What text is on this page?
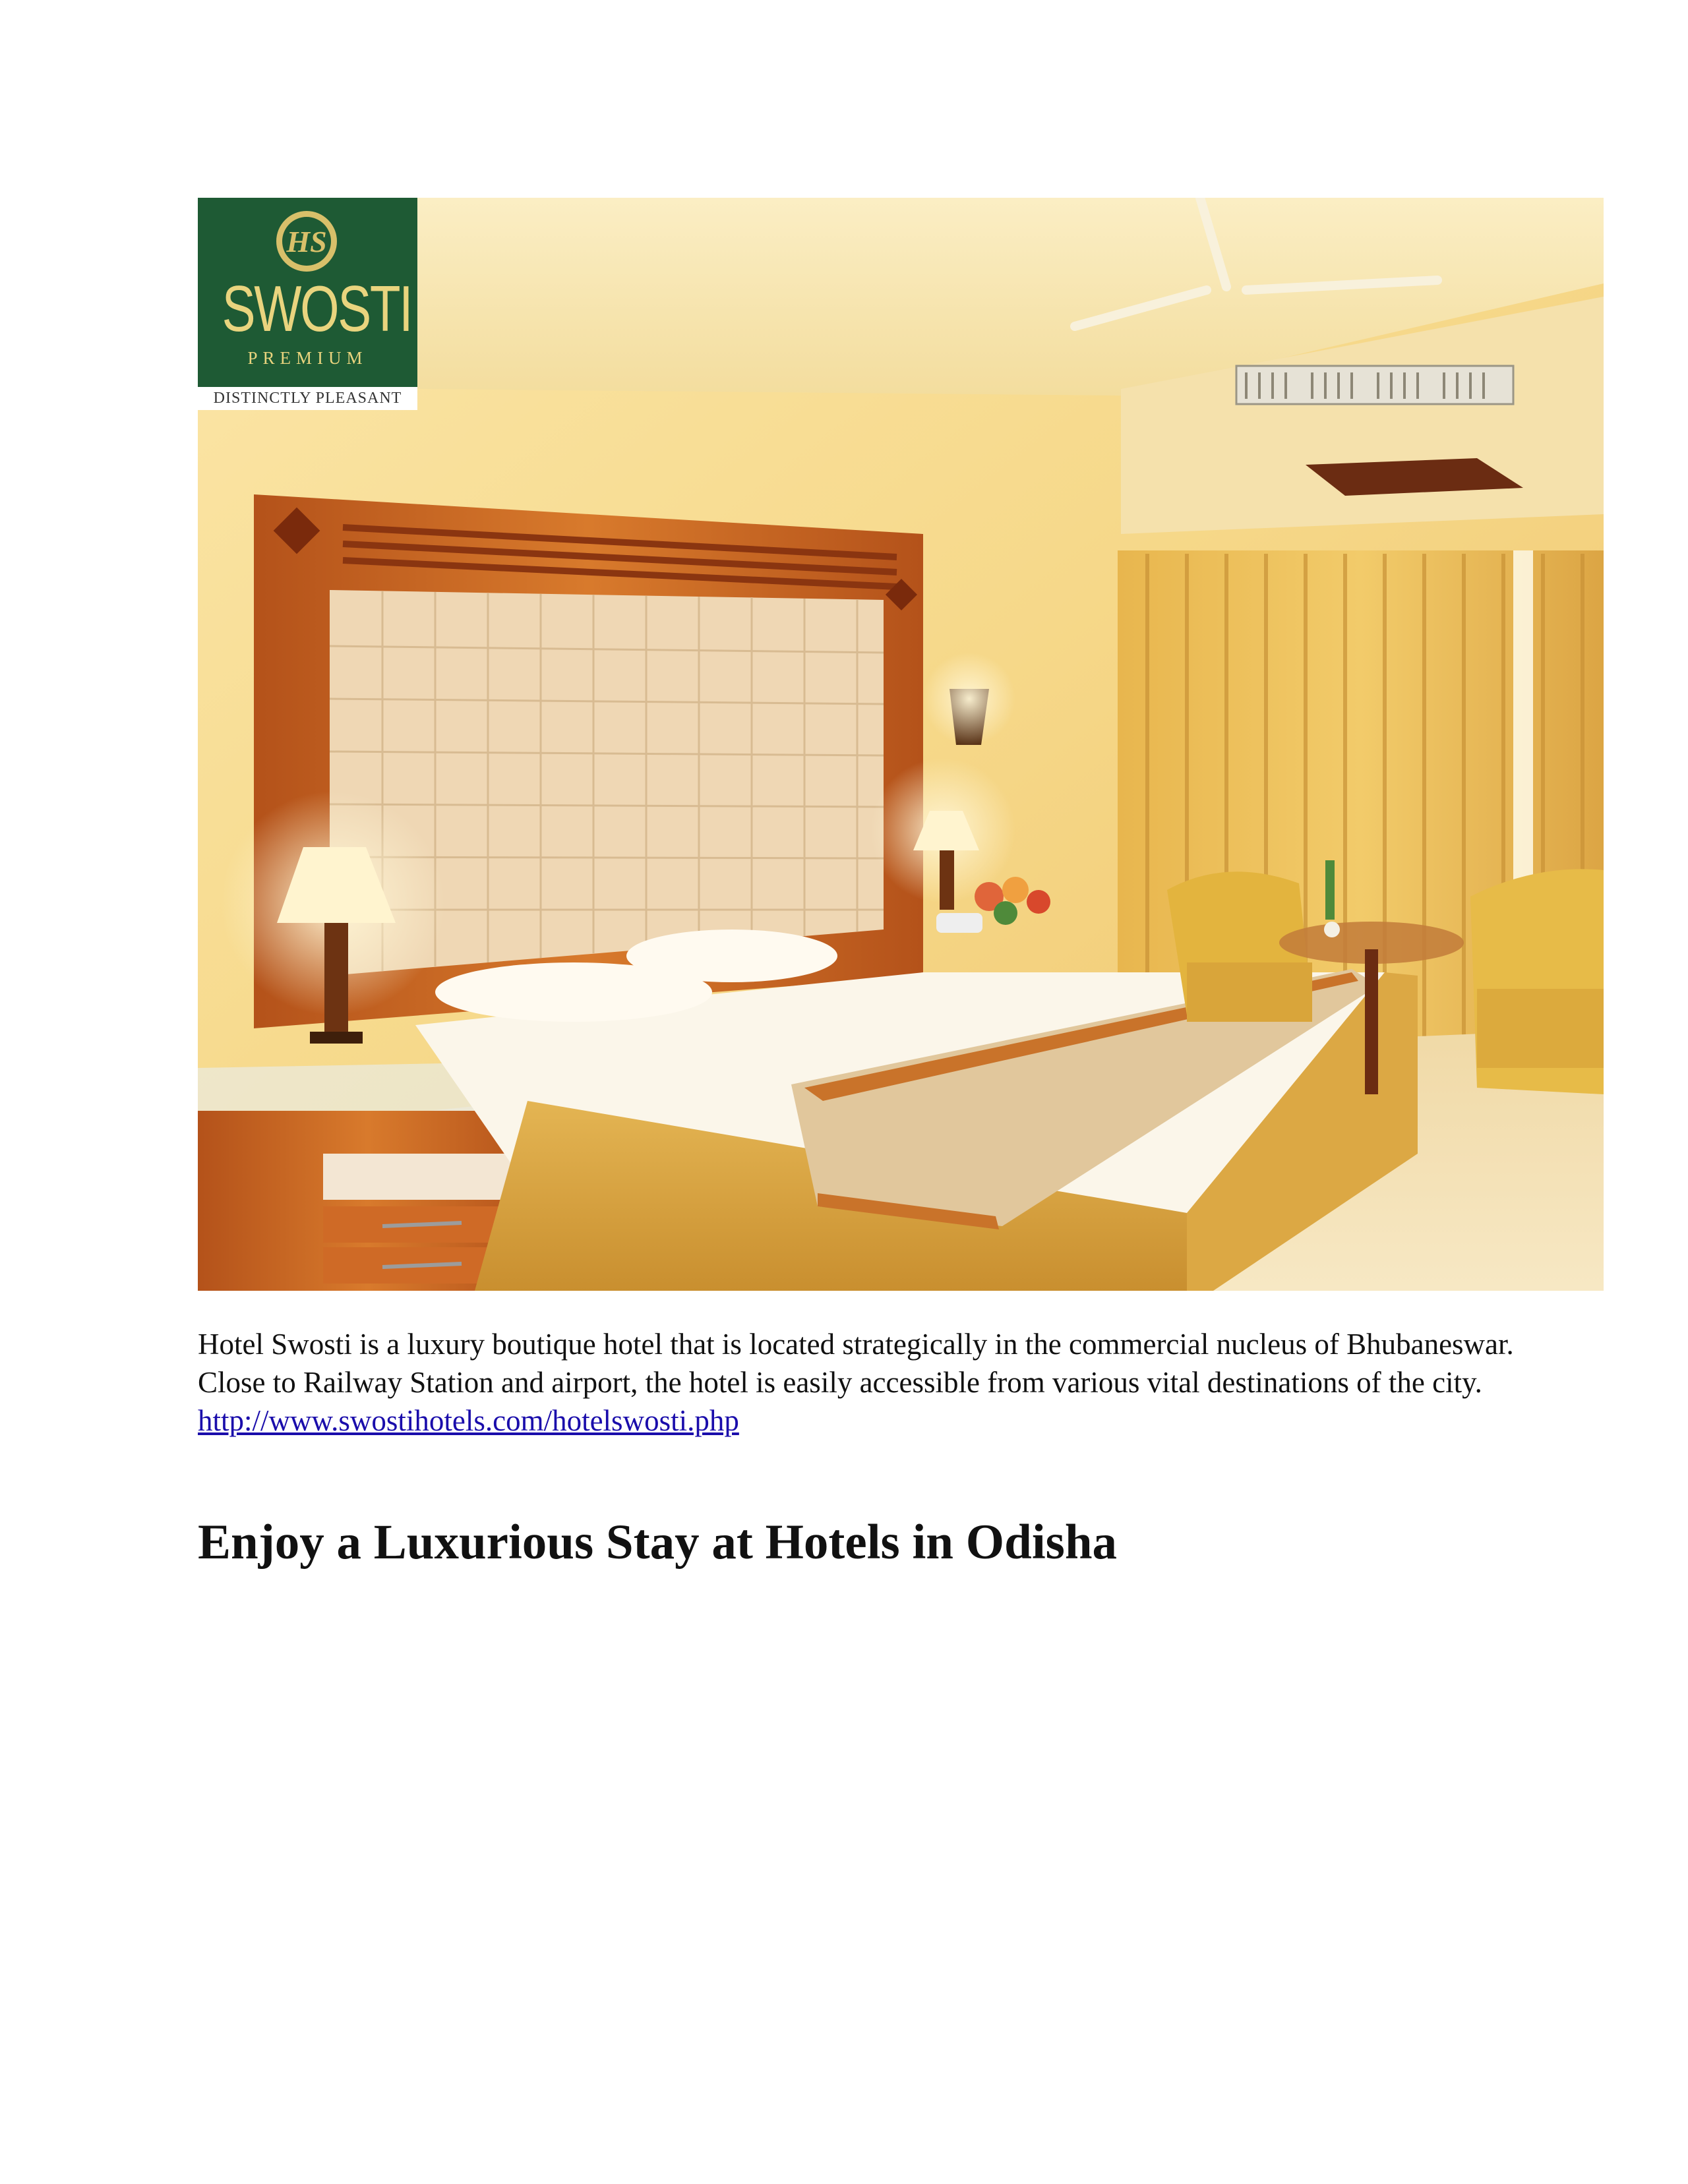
HS
SWOSTI
PREMIUM
DISTINCTLY PLEASANT

Hotel Swosti is a luxury boutique hotel that is located strategically in the commercial nucleus of Bhubaneswar. Close to Railway Station and airport, the hotel is easily accessible from various vital destinations of the city.

http://www.swostihotels.com/hotelswosti.php
Enjoy a Luxurious Stay at Hotels in Odisha
